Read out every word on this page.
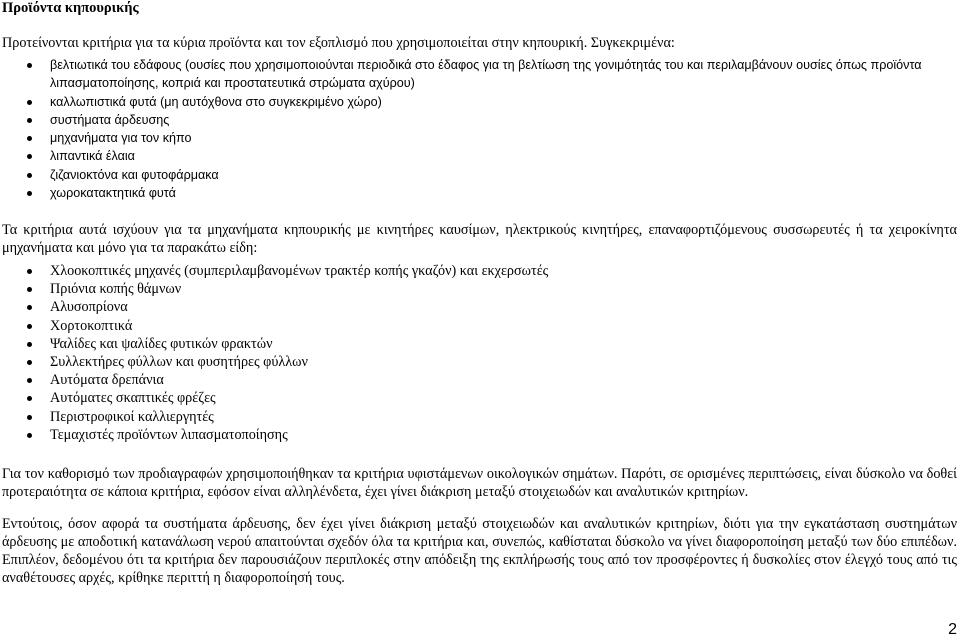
Προϊόντα κηπουρικής

Προτείνονται κριτήρια για τα κύρια προϊόντα και τον εξοπλισμό που χρησιμοποιείται στην κηπουρική. Συγκεκριμένα:

βελτιωτικά του εδάφους (ουσίες που χρησιμοποιούνται περιοδικά στο έδαφος για τη βελτίωση της γονιμότητάς του και περιλαμβάνουν ουσίες όπως προϊόντα λιπασματοποίησης, κοπριά και προστατευτικά στρώματα αχύρου)
καλλωπιστικά φυτά (μη αυτόχθονα στο συγκεκριμένο χώρο)
συστήματα άρδευσης
μηχανήματα για τον κήπο
λιπαντικά έλαια
ζιζανιοκτόνα και φυτοφάρμακα
χωροκατακτητικά φυτά

Τα κριτήρια αυτά ισχύουν για τα μηχανήματα κηπουρικής με κινητήρες καυσίμων, ηλεκτρικούς κινητήρες, επαναφορτιζόμενους συσσωρευτές ή τα χειροκίνητα μηχανήματα και μόνο για τα παρακάτω είδη:

Χλοοκοπτικές μηχανές (συμπεριλαμβανομένων τρακτέρ κοπής γκαζόν) και εκχερσωτές
Πριόνια κοπής θάμνων
Αλυσοπρίονα
Χορτοκοπτικά
Ψαλίδες και ψαλίδες φυτικών φρακτών
Συλλεκτήρες φύλλων και φυσητήρες φύλλων
Αυτόματα δρεπάνια
Αυτόματες σκαπτικές φρέζες
Περιστροφικοί καλλιεργητές
Τεμαχιστές προϊόντων λιπασματοποίησης

Για τον καθορισμό των προδιαγραφών χρησιμοποιήθηκαν τα κριτήρια υφιστάμενων οικολογικών σημάτων. Παρότι, σε ορισμένες περιπτώσεις, είναι δύσκολο να δοθεί προτεραιότητα σε κάποια κριτήρια, εφόσον είναι αλληλένδετα, έχει γίνει διάκριση μεταξύ στοιχειωδών και αναλυτικών κριτηρίων.

Εντούτοις, όσον αφορά τα συστήματα άρδευσης, δεν έχει γίνει διάκριση μεταξύ στοιχειωδών και αναλυτικών κριτηρίων, διότι για την εγκατάσταση συστημάτων άρδευσης με αποδοτική κατανάλωση νερού απαιτούνται σχεδόν όλα τα κριτήρια και, συνεπώς, καθίσταται δύσκολο να γίνει διαφοροποίηση μεταξύ των δύο επιπέδων. Επιπλέον, δεδομένου ότι τα κριτήρια δεν παρουσιάζουν περιπλοκές στην απόδειξη της εκπλήρωσής τους από τον προσφέροντες ή δυσκολίες στον έλεγχό τους από τις αναθέτουσες αρχές, κρίθηκε περιττή η διαφοροποίησή τους.

2
